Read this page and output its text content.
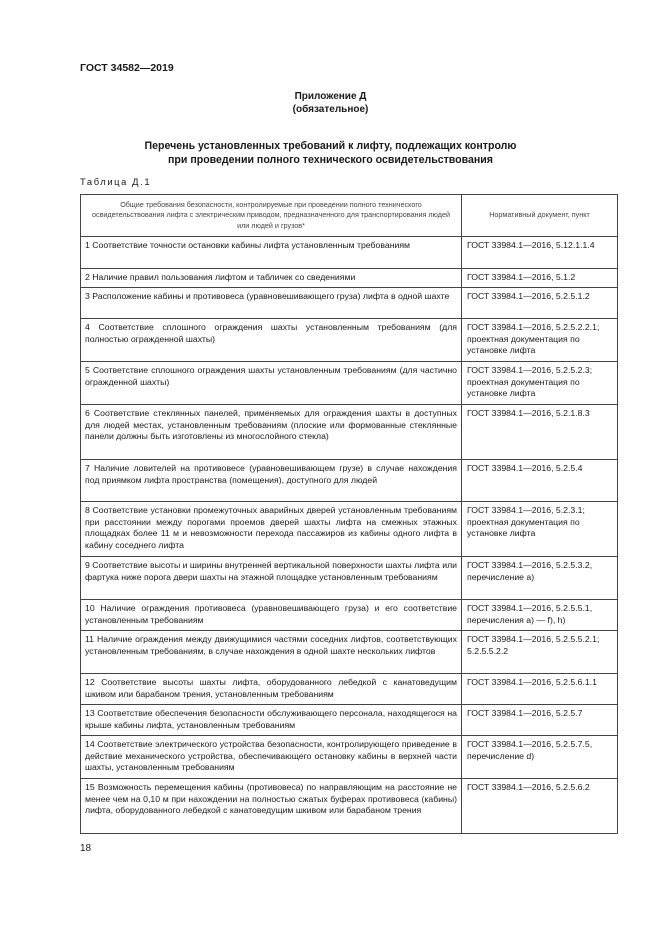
ГОСТ 34582—2019
Приложение Д
(обязательное)
Перечень установленных требований к лифту, подлежащих контролю
при проведении полного технического освидетельствования
Таблица Д.1
Общие требования безопасности, контролируемые при проведении полного технического освидетельствования лифта с электрическим приводом, предназначенного для транспортирования людей или людей и грузов*	Нормативный документ, пункт
1 Соответствие точности остановки кабины лифта установленным требованиям	ГОСТ 33984.1—2016, 5.12.1.1.4
2 Наличие правил пользования лифтом и табличек со сведениями	ГОСТ 33984.1—2016, 5.1.2
3 Расположение кабины и противовеса (уравновешивающего груза) лифта в одной шахте	ГОСТ 33984.1—2016, 5.2.5.1.2
4 Соответствие сплошного ограждения шахты установленным требованиям (для полностью огражденной шахты)	ГОСТ 33984.1—2016, 5.2.5.2.2.1; проектная документация по установке лифта
5 Соответствие сплошного ограждения шахты установленным требованиям (для частично огражденной шахты)	ГОСТ 33984.1—2016, 5.2.5.2.3; проектная документация по установке лифта
6 Соответствие стеклянных панелей, применяемых для ограждения шахты в доступных для людей местах, установленным требованиям (плоские или формованные стеклянные панели должны быть изготовлены из многослойного стекла)	ГОСТ 33984.1—2016, 5.2.1.8.3
7 Наличие ловителей на противовесе (уравновешивающем грузе) в случае нахождения под приямком лифта пространства (помещения), доступного для людей	ГОСТ 33984.1—2016, 5.2.5.4
8 Соответствие установки промежуточных аварийных дверей установленным требованиям при расстоянии между порогами проемов дверей шахты лифта на смежных этажных площадках более 11 м и невозможности перехода пассажиров из кабины одного лифта в кабину соседнего лифта	ГОСТ 33984.1—2016, 5.2.3.1; проектная документация по установке лифта
9 Соответствие высоты и ширины внутренней вертикальной поверхности шахты лифта или фартука ниже порога двери шахты на этажной площадке установленным требованиям	ГОСТ 33984.1—2016, 5.2.5.3.2, перечисление а)
10 Наличие ограждения противовеса (уравновешивающего груза) и его соответствие установленным требованиям	ГОСТ 33984.1—2016, 5.2.5.5.1, перечисления а) — f), h)
11 Наличие ограждения между движущимися частями соседних лифтов, соответствующих установленным требованиям, в случае нахождения в одной шахте нескольких лифтов	ГОСТ 33984.1—2016, 5.2.5.5.2.1; 5.2.5.5.2.2
12 Соответствие высоты шахты лифта, оборудованного лебедкой с канатоведущим шкивом или барабаном трения, установленным требованиям	ГОСТ 33984.1—2016, 5.2.5.6.1.1
13 Соответствие обеспечения безопасности обслуживающего персонала, находящегося на крыше кабины лифта, установленным требованиям	ГОСТ 33984.1—2016, 5.2.5.7
14 Соответствие электрического устройства безопасности, контролирующего приведение в действие механического устройства, обеспечивающего остановку кабины в верхней части шахты, установленным требованиям	ГОСТ 33984.1—2016, 5.2.5.7.5, перечисление d)
15 Возможность перемещения кабины (противовеса) по направляющим на расстояние не менее чем на 0,10 м при нахождении на полностью сжатых буферах противовеса (кабины) лифта, оборудованного лебедкой с канатоведущим шкивом или барабаном трения	ГОСТ 33984.1—2016, 5.2.5.6.2
18
